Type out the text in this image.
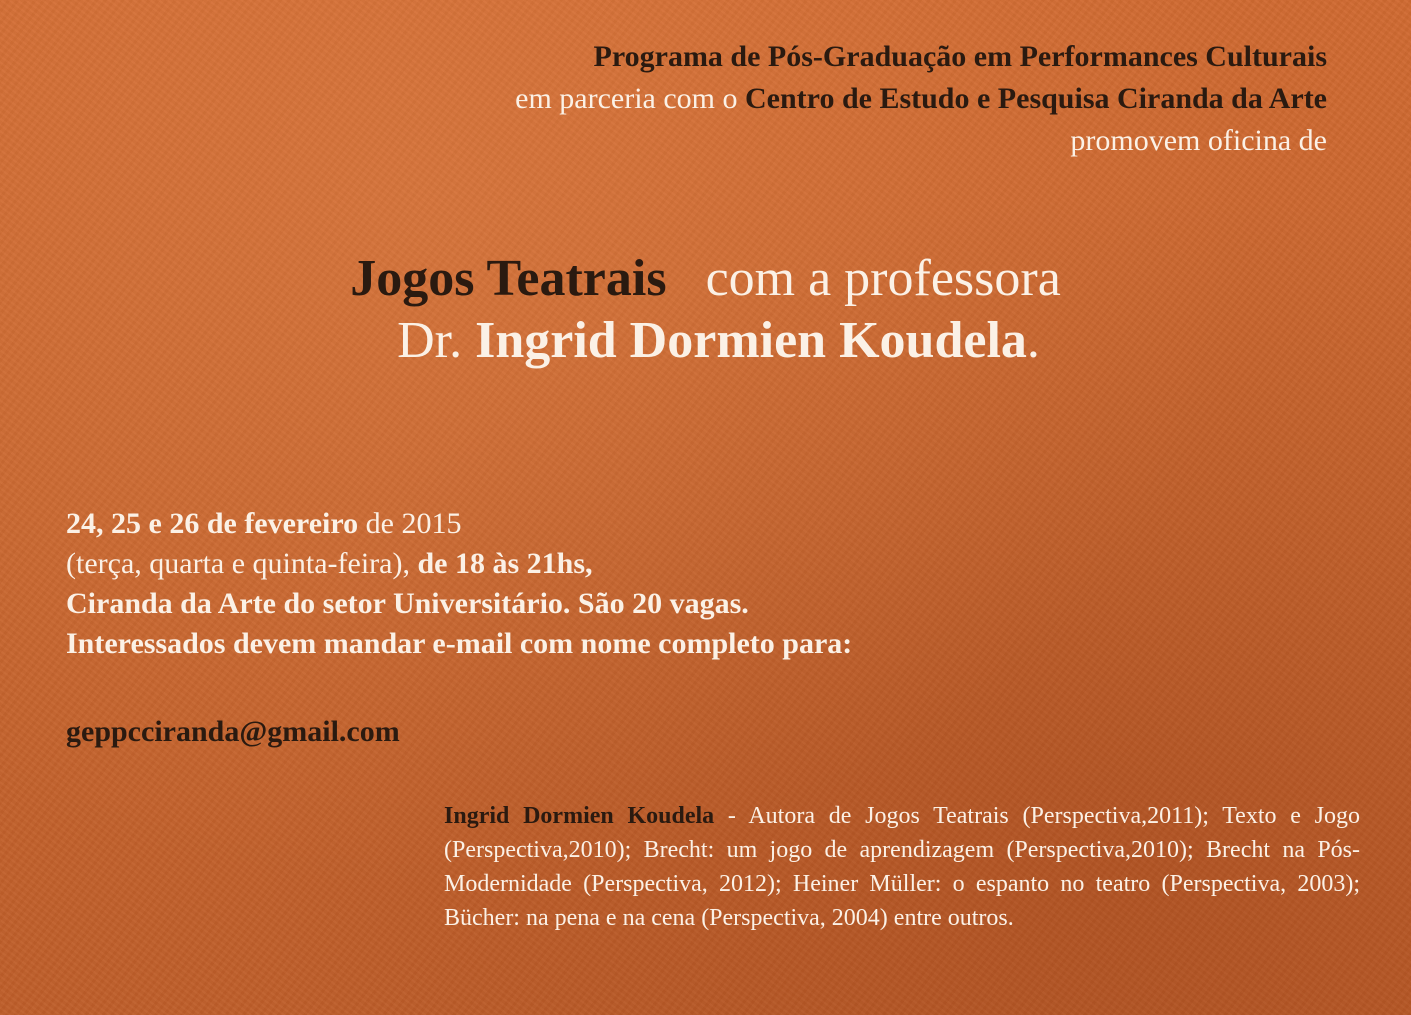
Programa de Pós-Graduação em Performances Culturais
em parceria com o Centro de Estudo e Pesquisa Ciranda da Arte
promovem oficina de
Jogos Teatrais com a professora
Dr. Ingrid Dormien Koudela.
24, 25 e 26 de fevereiro de 2015
(terça, quarta e quinta-feira), de 18 às 21hs,
Ciranda da Arte do setor Universitário. São 20 vagas.
Interessados devem mandar e-mail com nome completo para:
geppcciranda@gmail.com
Ingrid Dormien Koudela - Autora de Jogos Teatrais (Perspectiva,2011); Texto e Jogo (Perspectiva,2010); Brecht: um jogo de aprendizagem (Perspectiva,2010); Brecht na Pós-Modernidade (Perspectiva, 2012); Heiner Müller: o espanto no teatro (Perspectiva, 2003); Bücher: na pena e na cena (Perspectiva, 2004) entre outros.
